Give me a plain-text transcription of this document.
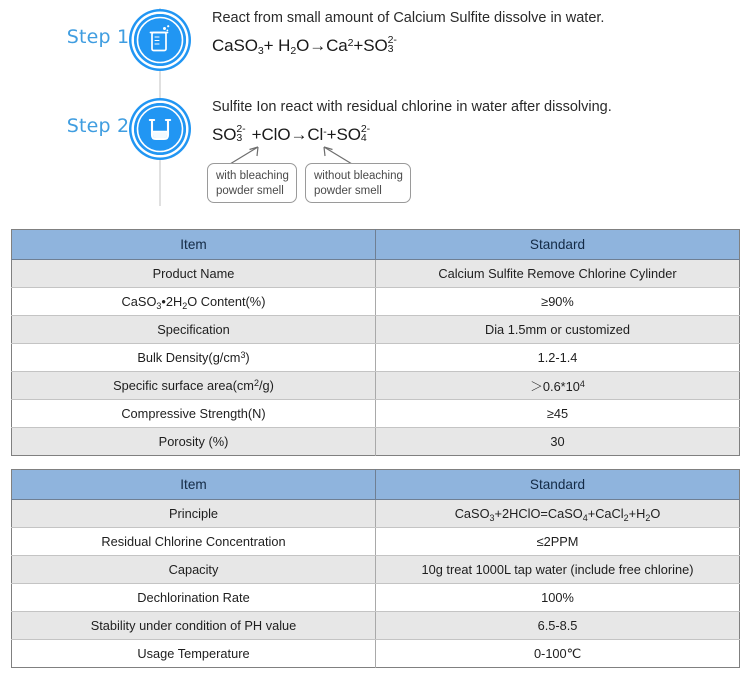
Step 1
React from small amount of Calcium Sulfite dissolve in water.
CaSO$_3$+ $H_2O\to Ca^2+SO$ 3
2-
Step 2
Sulfite Ion react with residual chlorine in water after dissolving.
SO 3
2- +ClO→Cl-+SO 4
2-
with bleaching
powder smell
without bleaching
powder smell
Item	Standard
Product Name	Calcium Sulfite Remove Chlorine Cylinder
$CaSO_3•2H_2O$ Content(%)	≥90%
Specification	Dia 1.5mm or customized
Bulk $Density(g/cm^3)$	1.2-1.4
Specific surface $area(cm^2/g)$	$>0.6*10^4$
Compressive Strength(N)	≥45
Porosity (%)	30
Item	Standard
Principle	$CaSO_3+2HClO=CaSO_4+CaCl_2+H_2O$
Residual Chlorine Concentration	≤2PPM
Capacity	10g treat 1000L tap water (include free chlorine)
Dechlorination Rate	100%
Stability under condition of PH value	6.5-8.5
Usage Temperature	0-100℃
